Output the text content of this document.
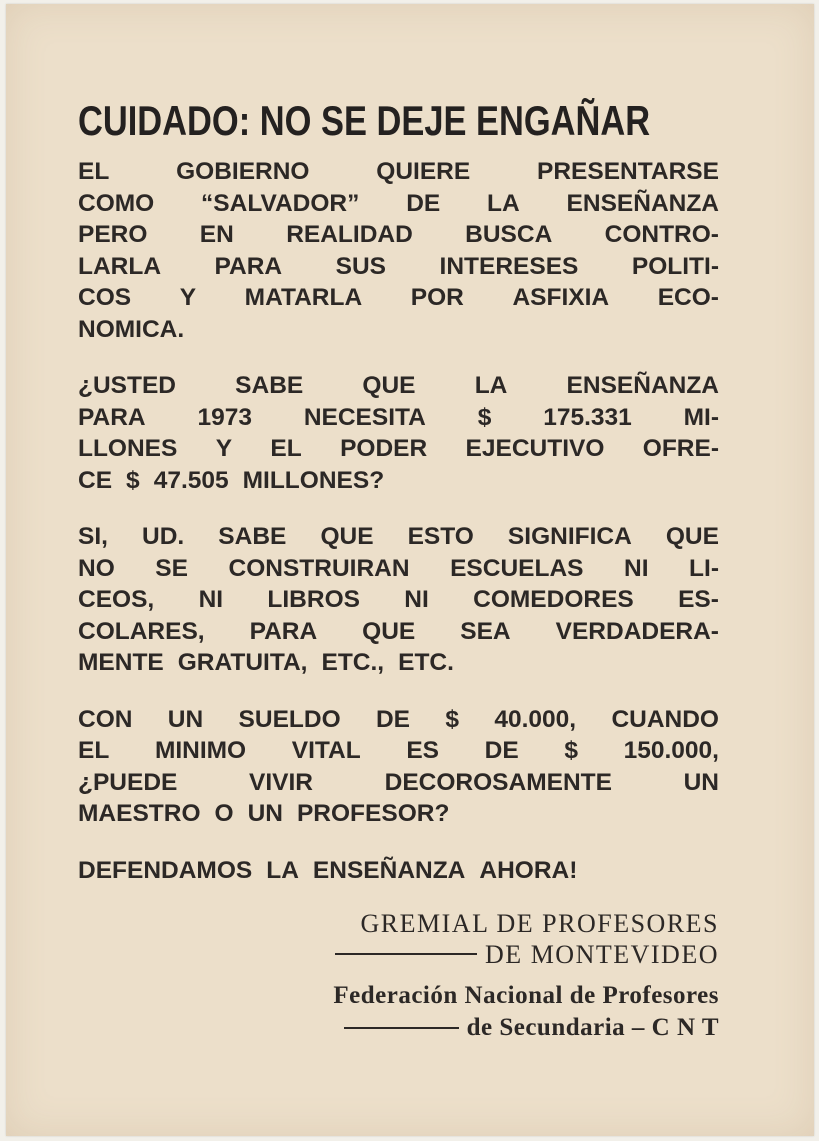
CUIDADO: NO SE DEJE ENGAÑAR
EL	GOBIERNO	QUIERE	PRESENTARSE
COMO “SALVADOR” DE LA ENSEÑANZA
PERO EN REALIDAD BUSCA CONTRO-
LARLA PARA SUS INTERESES POLITI-
COS Y MATARLA POR ASFIXIA ECO-
NOMICA.
¿USTED SABE QUE LA ENSEÑANZA
PARA 1973 NECESITA $ 175.331 MI-
LLONES Y EL PODER EJECUTIVO OFRE-
CE $ 47.505 MILLONES?
SI, UD. SABE QUE ESTO SIGNIFICA QUE
NO SE CONSTRUIRAN ESCUELAS NI LI-
CEOS, NI LIBROS NI COMEDORES ES-
COLARES, PARA QUE SEA VERDADERA-
MENTE GRATUITA, ETC., ETC.
CON UN SUELDO DE $ 40.000, CUANDO
EL MINIMO VITAL ES DE $ 150.000,
¿PUEDE	VIVIR	DECOROSAMENTE	UN
MAESTRO O UN PROFESOR?
DEFENDAMOS LA ENSEÑANZA AHORA!
GREMIAL DE PROFESORES
DE MONTEVIDEO
Federación Nacional de Profesores
de Secundaria – C N T
